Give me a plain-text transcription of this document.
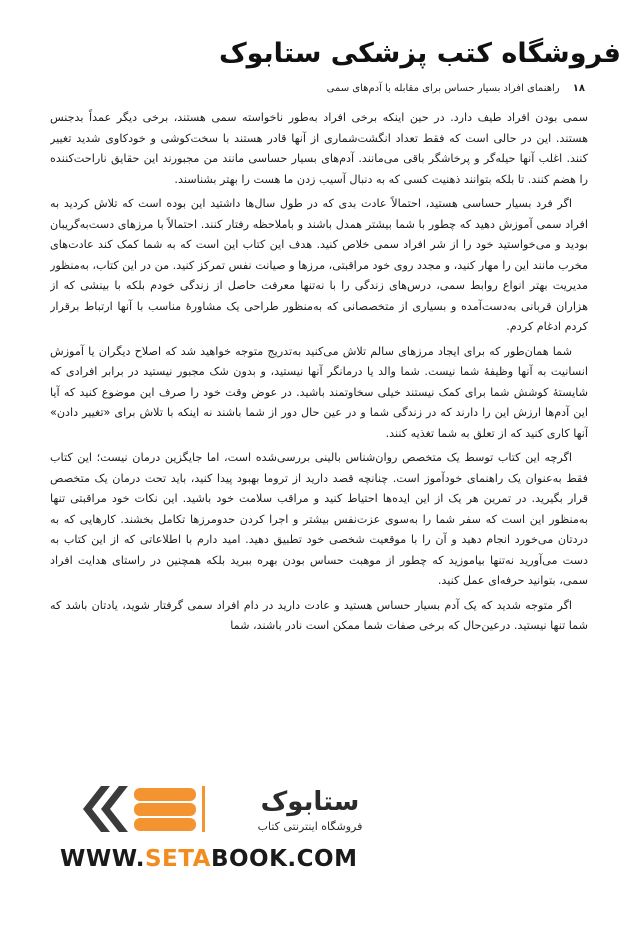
فروشگاه کتب پزشکی ستابوک
۱۸ راهنمای افراد بسیار حساس برای مقابله با آدم‌های سمی

سمی بودن افراد طیف دارد. در حین اینکه برخی افراد به‌طور ناخواسته سمی هستند، برخی دیگر عمداً بدجنس هستند. این در حالی است که فقط تعداد انگشت‌شماری از آنها قادر هستند با سخت‌کوشی و خودکاوی شدید تغییر کنند. اغلب آنها حیله‌گر و پرخاشگر باقی می‌مانند. آدم‌های بسیار حساسی مانند من مجبورند این حقایق ناراحت‌کننده را هضم کنند. تا بلکه بتوانند ذهنیت کسی که به دنبال آسیب زدن ما هست را بهتر بشناسند.

اگر فرد بسیار حساسی هستید، احتمالاً عادت بدی که در طول سال‌ها داشتید این بوده است که تلاش کردید به افراد سمی آموزش دهید که چطور با شما بیشتر همدل باشند و باملاحظه رفتار کنند. احتمالاً با مرزهای دست‌به‌گریبان بودید و می‌خواستید خود را از شر افراد سمی خلاص کنید. هدف این کتاب این است که به شما کمک کند عادت‌های مخرب مانند این را مهار کنید، و مجدد روی خود مراقبتی، مرزها و صیانت نفس تمرکز کنید. من در این کتاب، به‌منظور مدیریت بهتر انواع روابط سمی، درس‌های زندگی را با نه‌تنها معرفت حاصل از زندگی خودم بلکه با بینشی که از هزاران قربانی به‌دست‌آمده و بسیاری از متخصصانی که به‌منظور طراحی یک مشاورهٔ مناسب با آنها ارتباط برقرار کردم ادغام کردم.

شما همان‌طور که برای ایجاد مرزهای سالم تلاش می‌کنید به‌تدریج متوجه خواهید شد که اصلاح دیگران یا آموزش انسانیت به آنها وظیفهٔ شما نیست. شما والد یا درمانگر آنها نیستید، و بدون شک مجبور نیستید در برابر افرادی که شایستهٔ کوشش شما برای کمک نیستند خیلی سخاوتمند باشید. در عوض وقت خود را صرف این موضوع کنید که آیا این آدم‌ها ارزش این را دارند که در زندگی شما و در عین حال دور از شما باشند نه اینکه با تلاش برای «تغییر دادن» آنها کاری کنید که از تعلق به شما تغذیه کنند.

اگرچه این کتاب توسط یک متخصص روان‌شناس بالینی بررسی‌شده است، اما جایگزین درمان نیست؛ این کتاب فقط به‌عنوان یک راهنمای خودآموز است. چنانچه قصد دارید از تروما بهبود پیدا کنید، باید تحت درمان یک متخصص قرار بگیرید. در تمرین هر یک از این ایده‌ها احتیاط کنید و مراقب سلامت خود باشید. این نکات خود مراقبتی تنها به‌منظور این است که سفر شما را به‌سوی عزت‌نفس بیشتر و اجرا کردن حدومرزها تکامل بخشند. کارهایی که به دردتان می‌خورد انجام دهید و آن را با موقعیت شخصی خود تطبیق دهید. امید دارم با اطلاعاتی که از این کتاب به دست می‌آورید نه‌تنها بیاموزید که چطور از موهبت حساس بودن بهره ببرید بلکه همچنین در راستای هدایت افراد سمی، بتوانید حرفه‌ای عمل کنید.

اگر متوجه شدید که یک آدم بسیار حساس هستید و عادت دارید در دام افراد سمی گرفتار شوید، یادتان باشد که شما تنها نیستید. درعین‌حال که برخی صفات شما ممکن است نادر باشند، شما

ستابوک
فروشگاه اینترنتی کتاب
WWW.SETABOOK.COM
